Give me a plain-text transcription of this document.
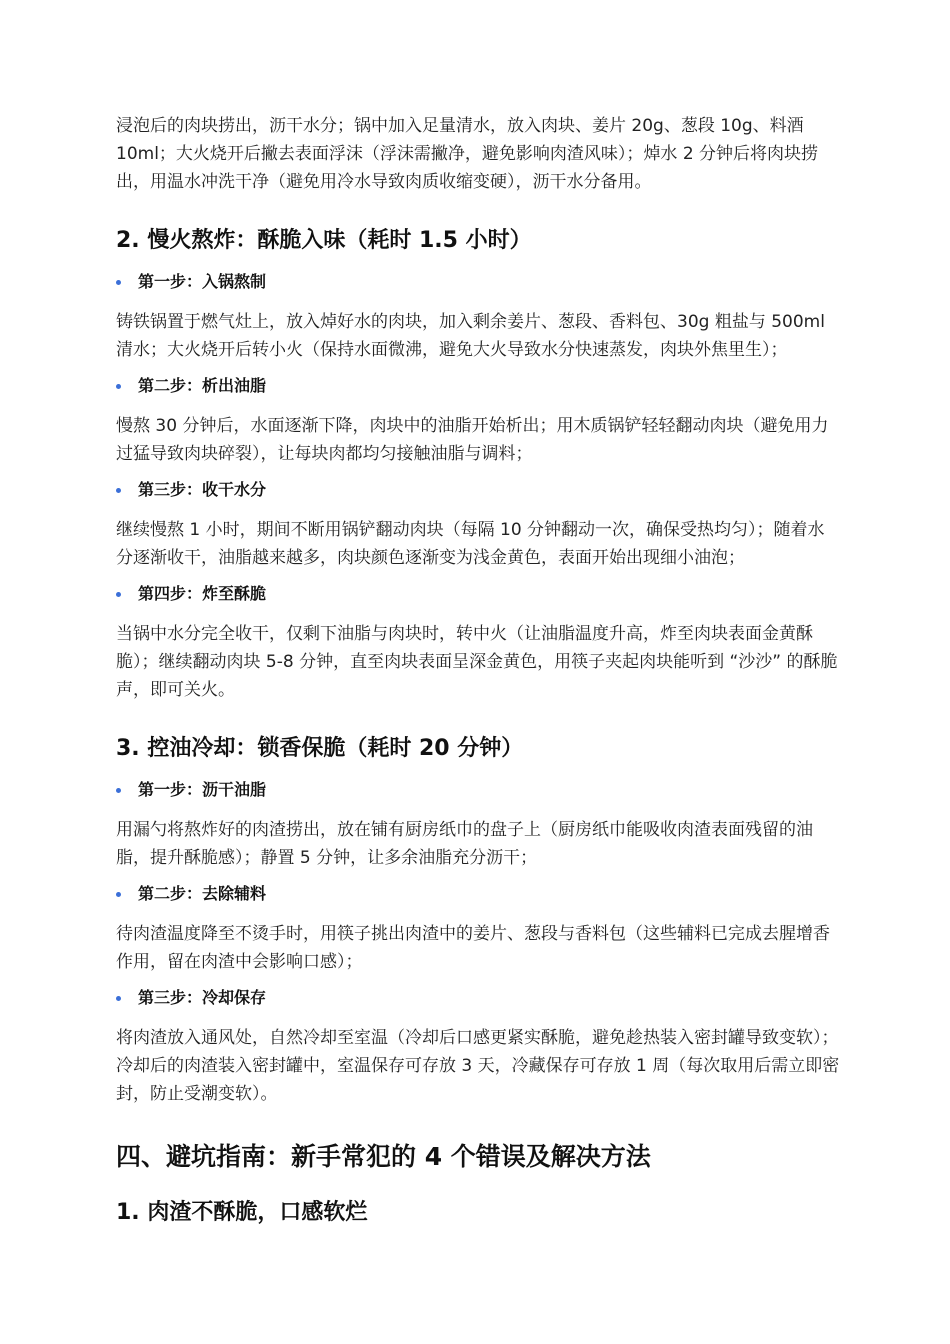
浸泡后的肉块捞出，沥干水分；锅中加入足量清水，放入肉块、姜片 20g、葱段 10g、料酒 10ml；大火烧开后撇去表面浮沫（浮沫需撇净，避免影响肉渣风味）；焯水 2 分钟后将肉块捞出，用温水冲洗干净（避免用冷水导致肉质收缩变硬），沥干水分备用。

2. 慢火熬炸：酥脆入味（耗时 1.5 小时）
第一步：入锅熬制

铸铁锅置于燃气灶上，放入焯好水的肉块，加入剩余姜片、葱段、香料包、30g 粗盐与 500ml 清水；大火烧开后转小火（保持水面微沸，避免大火导致水分快速蒸发，肉块外焦里生）；

第二步：析出油脂

慢熬 30 分钟后，水面逐渐下降，肉块中的油脂开始析出；用木质锅铲轻轻翻动肉块（避免用力过猛导致肉块碎裂），让每块肉都均匀接触油脂与调料；

第三步：收干水分

继续慢熬 1 小时，期间不断用锅铲翻动肉块（每隔 10 分钟翻动一次，确保受热均匀）；随着水分逐渐收干，油脂越来越多，肉块颜色逐渐变为浅金黄色，表面开始出现细小油泡；

第四步：炸至酥脆

当锅中水分完全收干，仅剩下油脂与肉块时，转中火（让油脂温度升高，炸至肉块表面金黄酥脆）；继续翻动肉块 5-8 分钟，直至肉块表面呈深金黄色，用筷子夹起肉块能听到 “沙沙” 的酥脆声，即可关火。

3. 控油冷却：锁香保脆（耗时 20 分钟）
第一步：沥干油脂

用漏勺将熬炸好的肉渣捞出，放在铺有厨房纸巾的盘子上（厨房纸巾能吸收肉渣表面残留的油脂，提升酥脆感）；静置 5 分钟，让多余油脂充分沥干；

第二步：去除辅料

待肉渣温度降至不烫手时，用筷子挑出肉渣中的姜片、葱段与香料包（这些辅料已完成去腥增香作用，留在肉渣中会影响口感）；

第三步：冷却保存

将肉渣放入通风处，自然冷却至室温（冷却后口感更紧实酥脆，避免趁热装入密封罐导致变软）；冷却后的肉渣装入密封罐中，室温保存可存放 3 天，冷藏保存可存放 1 周（每次取用后需立即密封，防止受潮变软）。

四、避坑指南：新手常犯的 4 个错误及解决方法
1. 肉渣不酥脆，口感软烂
